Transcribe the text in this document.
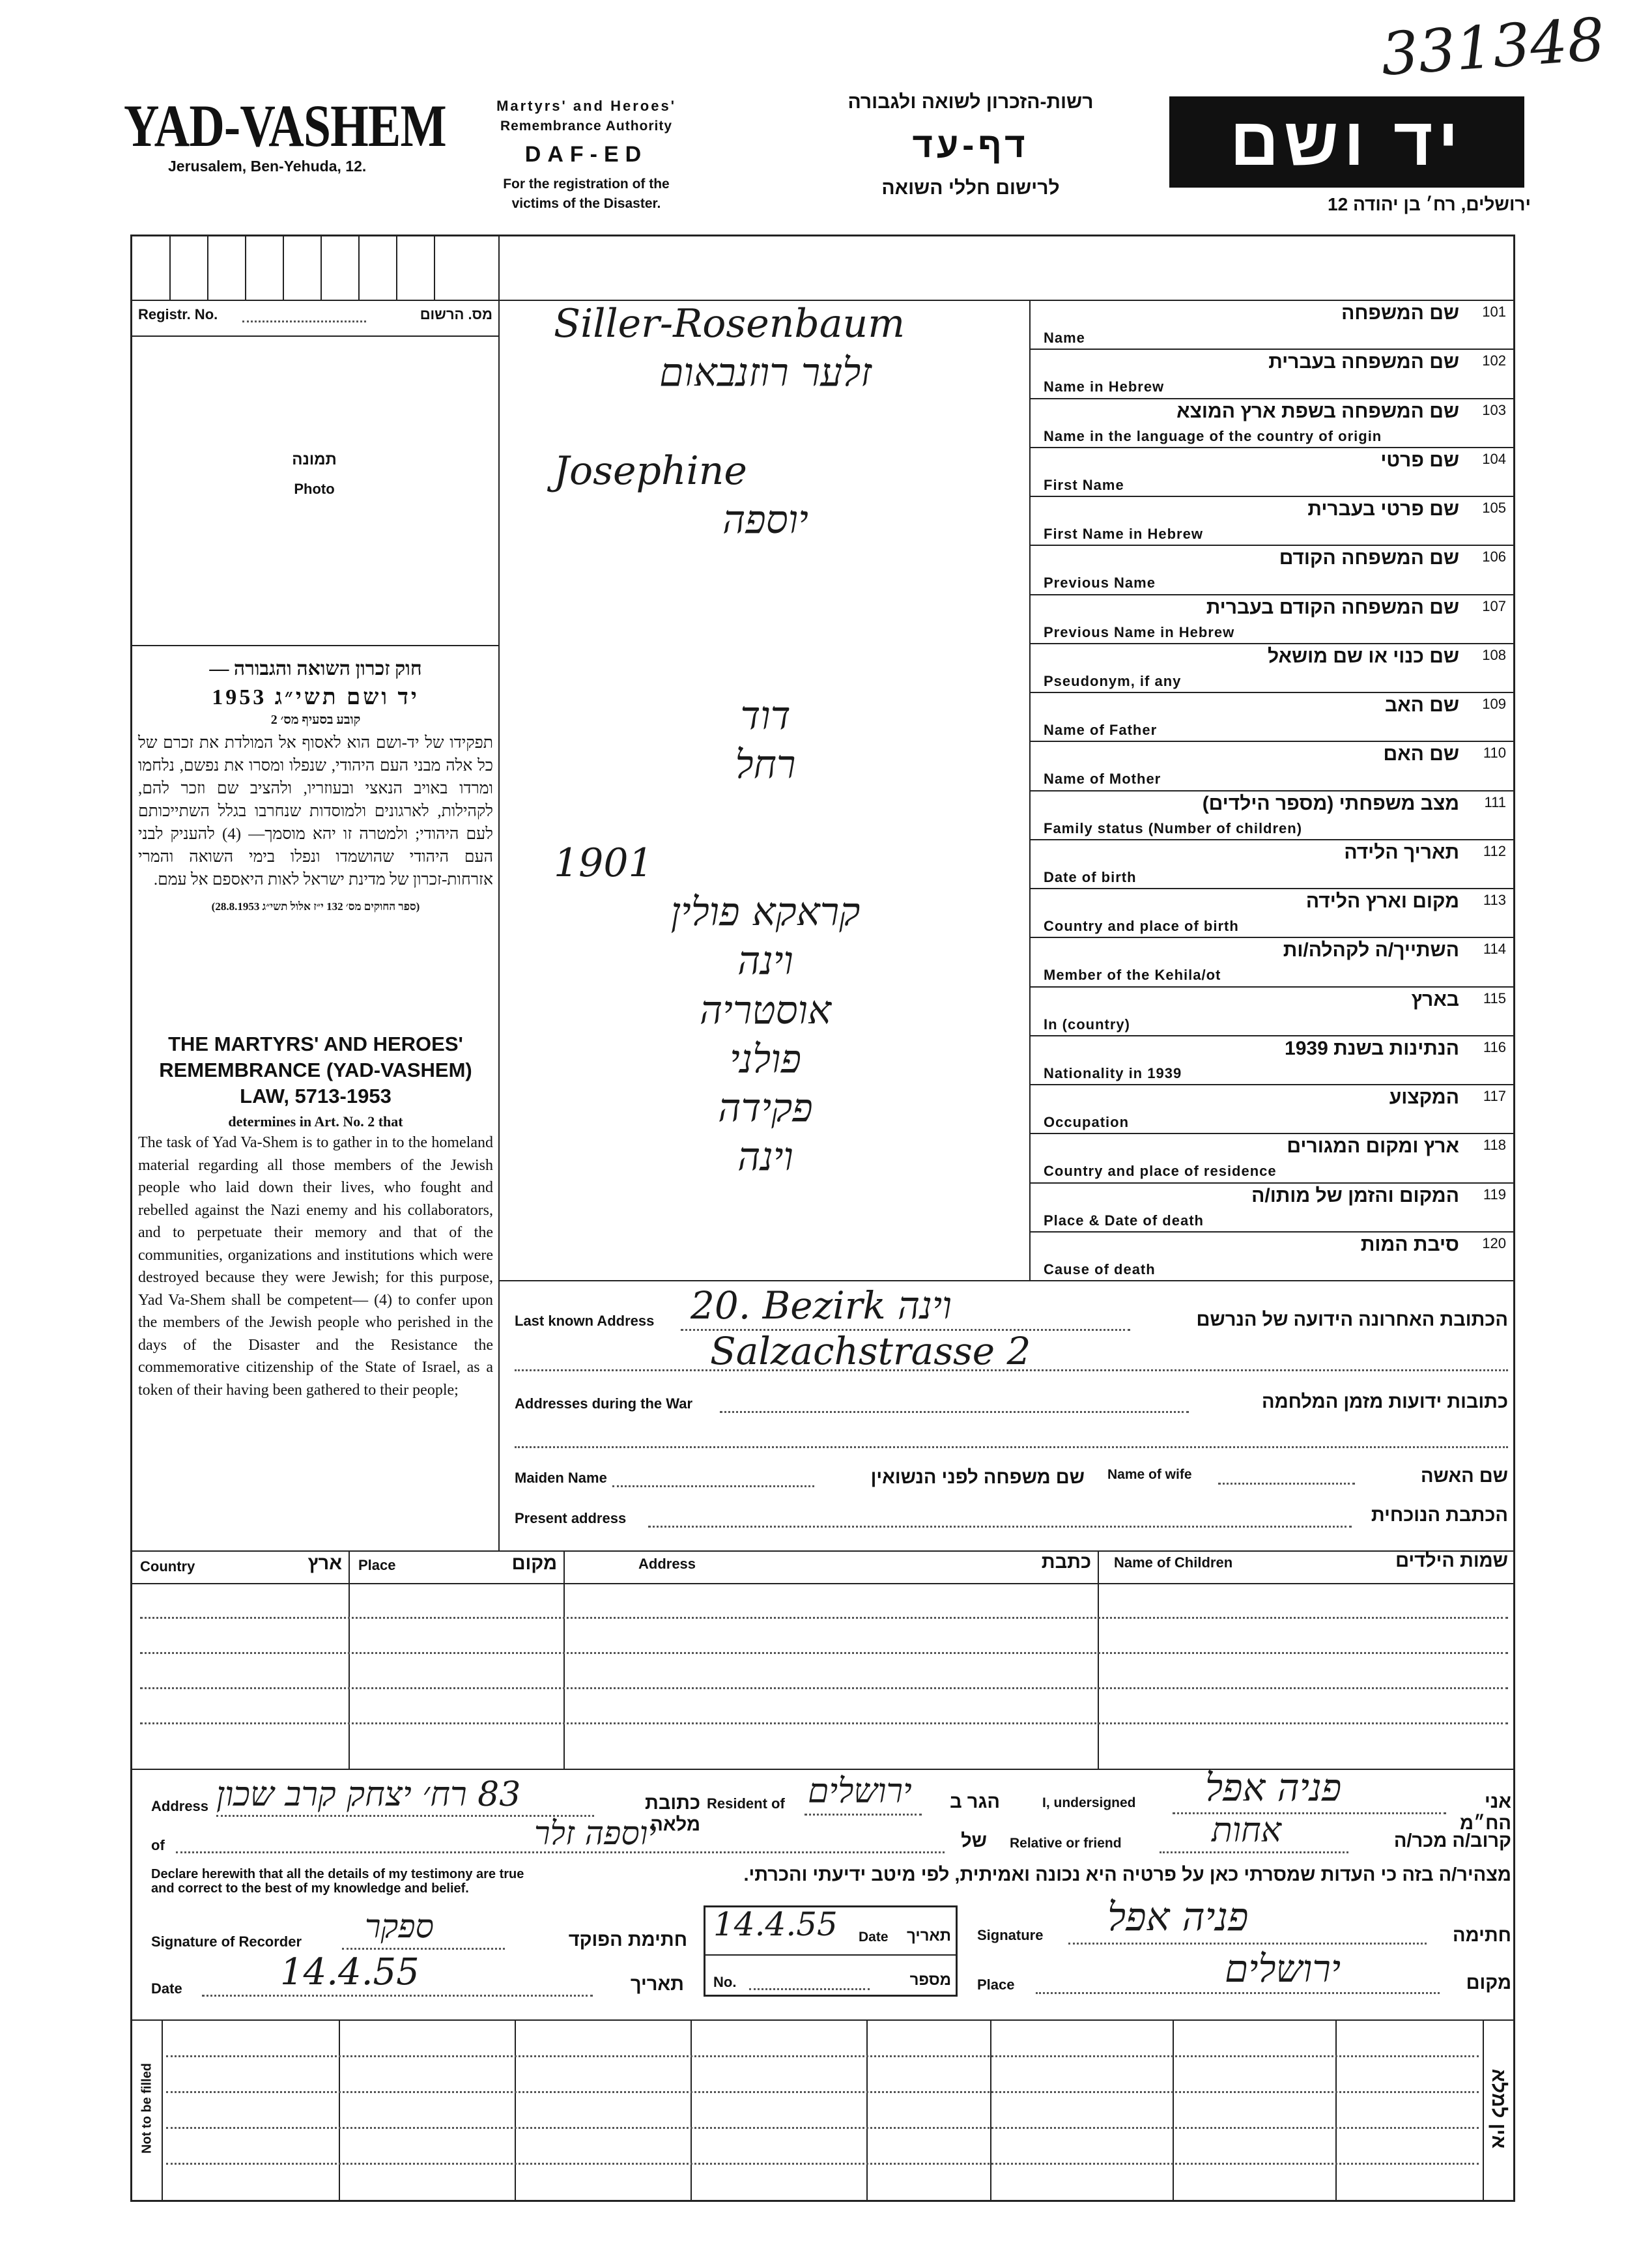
331348
YAD-VASHEM
Jerusalem, Ben-Yehuda, 12.
Martyrs' and Heroes'
Remembrance Authority
DAF-ED
For the registration of the
victims of the Disaster.
רשות-הזכרון לשואה ולגבורה
דף-עד
לרישום חללי השואה
יד ושם
ירושלים, רח׳ בן יהודה 12
Registr. No.	מס. הרשום
תמונה
Photo
חוק זכרון השואה והגבורה —
יד ושם תשי״ג 1953
קובע בסעיף מס׳ 2
תפקידו של יד-ושם הוא לאסוף אל המולדת את זכרם של כל אלה מבני העם היהודי, שנפלו ומסרו את נפשם, נלחמו ומרדו באויב הנאצי ובעוזריו, ולהציב שם וזכר להם, לקהילות, לארגונים ולמוסדות שנחרבו בגלל השתייכותם לעם היהודי; ולמטרה זו יהא מוסמך— (4) להעניק לבני העם היהודי שהושמדו ונפלו בימי השואה והמרי אזרחות-זכרון של מדינת ישראל לאות היאספם אל עמם.
(ספר החוקים מס׳ 132 י״ז אלול תשי״ג 28.8.1953)
THE MARTYRS' AND HEROES'
REMEMBRANCE (YAD-VASHEM)
LAW, 5713-1953
determines in Art. No. 2 that
The task of Yad Va-Shem is to gather in to the homeland material regarding all those members of the Jewish people who laid down their lives, who fought and rebelled against the Nazi enemy and his collaborators, and to perpetuate their memory and that of the communities, organizations and institutions which were destroyed because they were Jewish; for this purpose, Yad Va-Shem shall be competent— (4) to confer upon the members of the Jewish people who perished in the days of the Disaster and the Resistance the commemorative citizenship of the State of Israel, as a token of their having been gathered to their people;
101
שם המשפחה
Name
Siller-Rosenbaum
102
שם המשפחה בעברית
Name in Hebrew
זלער רוזנבאום
103
שם המשפחה בשפת ארץ המוצא
Name in the language of the country of origin
104
שם פרטי
First Name
Josephine
105
שם פרטי בעברית
First Name in Hebrew
יוספה
106
שם המשפחה הקודם
Previous Name
107
שם המשפחה הקודם בעברית
Previous Name in Hebrew
108
שם כנוי או שם מושאל
Pseudonym, if any
109
שם האב
Name of Father
דוד
110
שם האם
Name of Mother
רחל
111
מצב משפחתי (מספר הילדים)
Family status (Number of children)
112
תאריך הלידה
Date of birth
1901
113
מקום וארץ הלידה
Country and place of birth
קראקא פולין
114
השתייך/ה לקהלה/ות
Member of the Kehila/ot
וינה
115
בארץ
In (country)
אוסטריה
116
הנתינות בשנת 1939
Nationality in 1939
פולני
117
המקצוע
Occupation
פקידה
118
ארץ ומקום המגורים
Country and place of residence
וינה
119
המקום והזמן של מותו/ה
Place & Date of death
120
סיבת המות
Cause of death
Last known Address 20. Bezirk וינה	הכתובת האחרונה הידועה של הנרשם
Salzachstrasse 2
Addresses during the War	כתובות ידועות מזמן המלחמה
Maiden Name	שם משפחה לפני הנשואין Name of wife	שם האשה
Present address	הכתבת הנוכחית
Country	ארץ Place	מקום	Address	כתבת Name of Children	שמות הילדים
Address 83 רח׳ יצחק קרב שכון	כתובת מלאה
Resident of ירושלים	הגר ב	I, undersigned פניה אפל	אני הח״מ
of	יוספה זלר	של Relative or friend	אחות	קרוב/ה מכר/ה
Declare herewith that all the details of my testimony are true and correct to the best of my knowledge and belief.
מצהיר/ה בזה כי העדות שמסרתי כאן על פרטיה היא נכונה ואמיתית, לפי מיטב ידיעתי והכרתי.
Signature of Recorder ספקר	חתימת הפוקד 14.4.55 Date	תאריך
No.	מספר
Signature פניה אפל	חתימה
Date	14.4.55	תאריך	Place	ירושלים	מקום
Not to be filled	אין למלא
